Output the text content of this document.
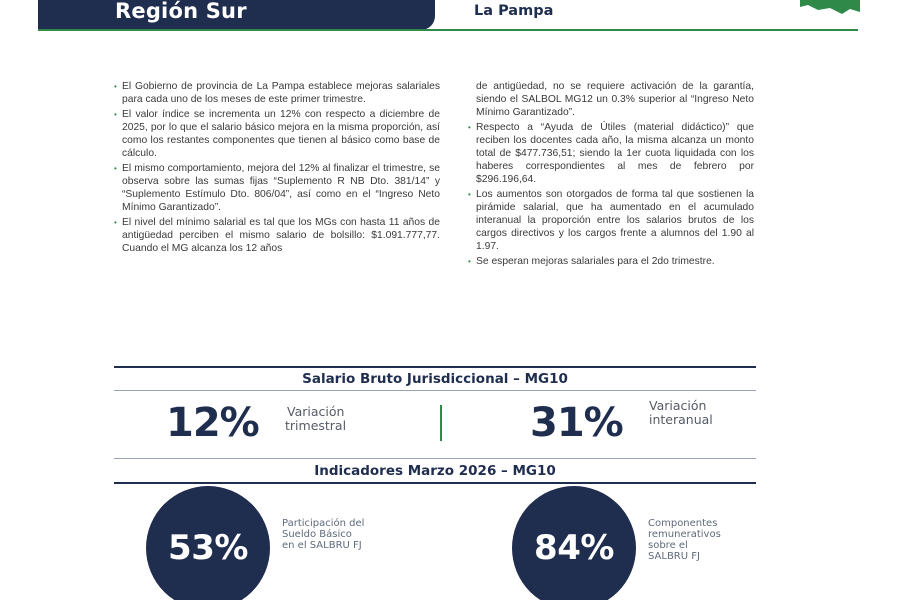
Región Sur	La Pampa
• El Gobierno de provincia de La Pampa establece mejoras salariales para cada uno de los meses de este primer trimestre.
• El valor índice se incrementa un 12% con respecto a diciembre de 2025, por lo que el salario básico mejora en la misma proporción, así como los restantes componentes que tienen al básico como base de cálculo.
• El mismo comportamiento, mejora del 12% al finalizar el trimestre, se observa sobre las sumas fijas “Suplemento R NB Dto. 381/14” y “Suplemento Estímulo Dto. 806/04”, así como en el “Ingreso Neto Mínimo Garantizado”.
• El nivel del mínimo salarial es tal que los MGs con hasta 11 años de antigüedad perciben el mismo salario de bolsillo: $1.091.777,77. Cuando el MG alcanza los 12 años
de antigüedad, no se requiere activación de la garantía, siendo el SALBOL MG12 un 0.3% superior al “Ingreso Neto Mínimo Garantizado”.
• Respecto a “Ayuda de Útiles (material didáctico)” que reciben los docentes cada año, la misma alcanza un monto total de $477.736,51; siendo la 1er cuota liquidada con los haberes correspondientes al mes de febrero por $296.196,64.
• Los aumentos son otorgados de forma tal que sostienen la pirámide salarial, que ha aumentado en el acumulado interanual la proporción entre los salarios brutos de los cargos directivos y los cargos frente a alumnos del 1.90 al 1.97.
• Se esperan mejoras salariales para el 2do trimestre.
Salario Bruto Jurisdiccional – MG10
12% Variación
trimestral	31% Variación
interanual
Indicadores Marzo 2026 – MG10
53%
Participación del
Sueldo Básico
en el SALBRU FJ	84%
Componentes
remunerativos
sobre el
SALBRU FJ
